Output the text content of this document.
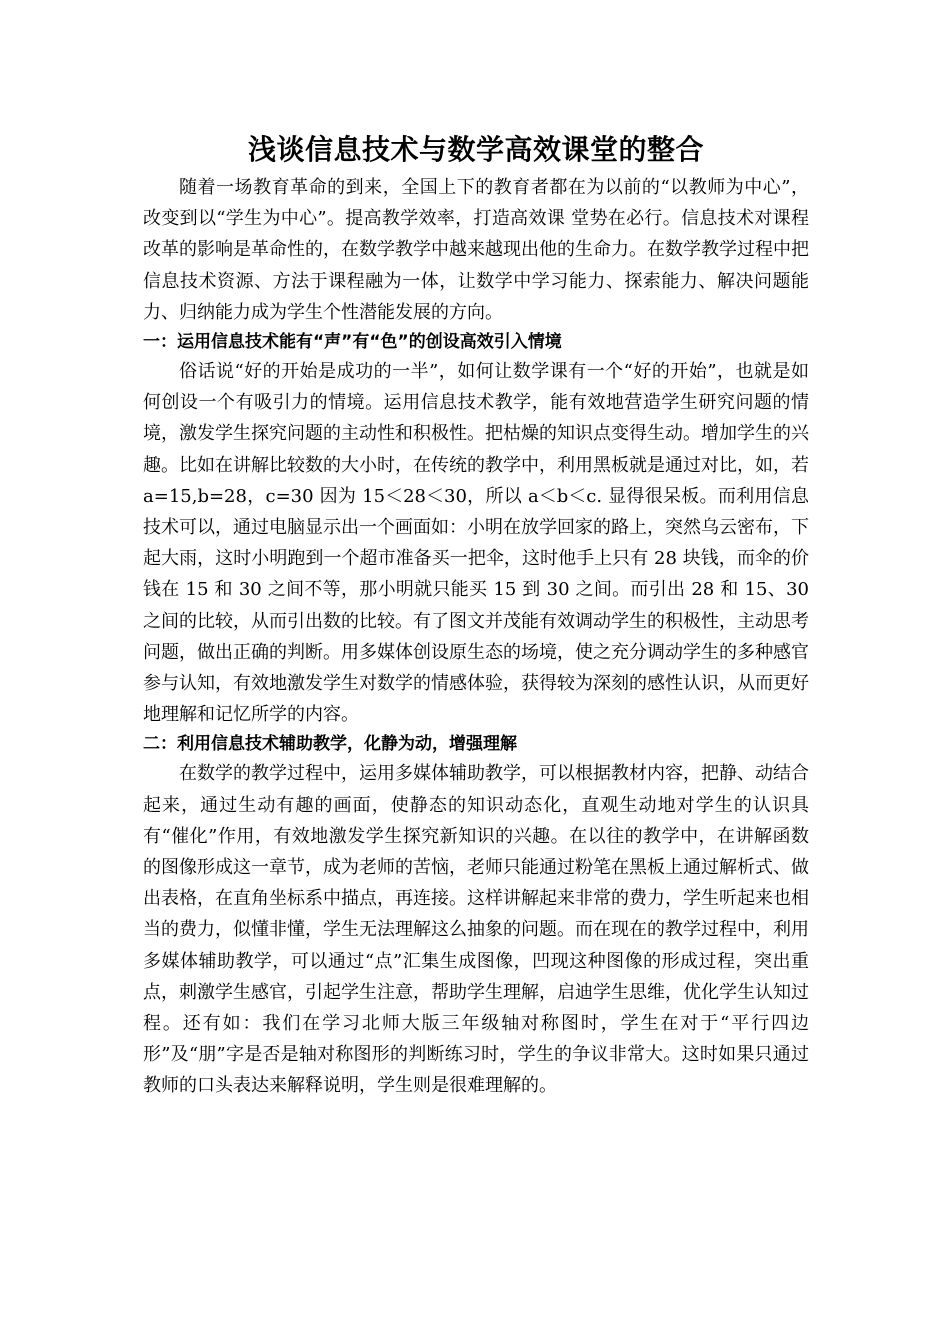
浅谈信息技术与数学高效课堂的整合

随着一场教育革命的到来，全国上下的教育者都在为以前的“以教师为中心”，改变到以“学生为中心”。提高教学效率，打造高效课 堂势在必行。信息技术对课程改革的影响是革命性的，在数学教学中越来越现出他的生命力。在数学教学过程中把信息技术资源、方法于课程融为一体，让数学中学习能力、探索能力、解决问题能力、归纳能力成为学生个性潜能发展的方向。

一：运用信息技术能有“声”有“色”的创设高效引入情境

俗话说“好的开始是成功的一半”，如何让数学课有一个“好的开始”，也就是如何创设一个有吸引力的情境。运用信息技术教学，能有效地营造学生研究问题的情境，激发学生探究问题的主动性和积极性。把枯燥的知识点变得生动。增加学生的兴趣。比如在讲解比较数的大小时，在传统的教学中，利用黑板就是通过对比，如，若 a=15,b=28，c=30 因为 15＜28＜30，所以 a＜b＜c. 显得很呆板。而利用信息技术可以，通过电脑显示出一个画面如：小明在放学回家的路上，突然乌云密布，下起大雨，这时小明跑到一个超市准备买一把伞，这时他手上只有 28 块钱，而伞的价钱在 15 和 30 之间不等，那小明就只能买 15 到 30 之间。而引出 28 和 15、30 之间的比较，从而引出数的比较。有了图文并茂能有效调动学生的积极性，主动思考问题，做出正确的判断。用多媒体创设原生态的场境，使之充分调动学生的多种感官参与认知，有效地激发学生对数学的情感体验，获得较为深刻的感性认识，从而更好地理解和记忆所学的内容。

二：利用信息技术辅助教学，化静为动，增强理解

在数学的教学过程中，运用多媒体辅助教学，可以根据教材内容，把静、动结合起来，通过生动有趣的画面，使静态的知识动态化，直观生动地对学生的认识具有“催化”作用，有效地激发学生探究新知识的兴趣。在以往的教学中，在讲解函数的图像形成这一章节，成为老师的苦恼，老师只能通过粉笔在黑板上通过解析式、做出表格，在直角坐标系中描点，再连接。这样讲解起来非常的费力，学生听起来也相当的费力，似懂非懂，学生无法理解这么抽象的问题。而在现在的教学过程中，利用多媒体辅助教学，可以通过“点”汇集生成图像，凹现这种图像的形成过程，突出重点，刺激学生感官，引起学生注意，帮助学生理解，启迪学生思维，优化学生认知过程。还有如：我们在学习北师大版三年级轴对称图时，学生在对于“平行四边形”及“朋”字是否是轴对称图形的判断练习时，学生的争议非常大。这时如果只通过教师的口头表达来解释说明，学生则是很难理解的。
